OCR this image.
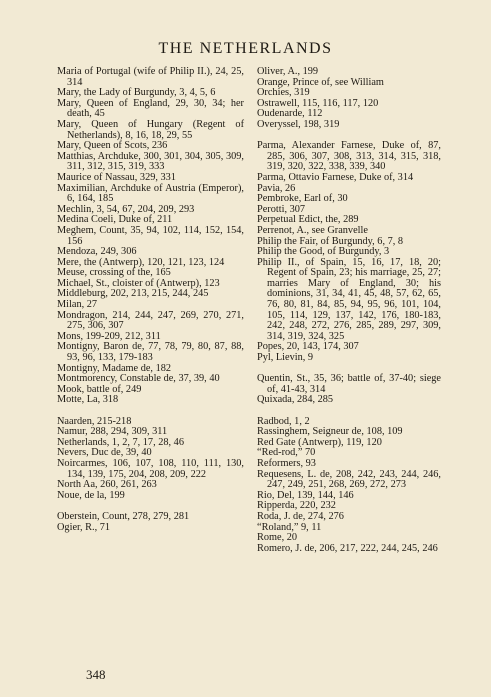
THE NETHERLANDS
Maria of Portugal (wife of Philip II.), 24, 25, 314
Mary, the Lady of Burgundy, 3, 4, 5, 6
Mary, Queen of England, 29, 30, 34; her death, 45
Mary, Queen of Hungary (Regent of Netherlands), 8, 16, 18, 29, 55
Mary, Queen of Scots, 236
Matthias, Archduke, 300, 301, 304, 305, 309, 311, 312, 315, 319, 333
Maurice of Nassau, 329, 331
Maximilian, Archduke of Austria (Emperor), 6, 164, 185
Mechlin, 3, 54, 67, 204, 209, 293
Medina Coeli, Duke of, 211
Meghem, Count, 35, 94, 102, 114, 152, 154, 156
Mendoza, 249, 306
Mere, the (Antwerp), 120, 121, 123, 124
Meuse, crossing of the, 165
Michael, St., cloister of (Antwerp), 123
Middleburg, 202, 213, 215, 244, 245
Milan, 27
Mondragon, 214, 244, 247, 269, 270, 271, 275, 306, 307
Mons, 199-209, 212, 311
Montigny, Baron de, 77, 78, 79, 80, 87, 88, 93, 96, 133, 179-183
Montigny, Madame de, 182
Montmorency, Constable de, 37, 39, 40
Mook, battle of, 249
Motte, La, 318
Naarden, 215-218
Namur, 288, 294, 309, 311
Netherlands, 1, 2, 7, 17, 28, 46
Nevers, Duc de, 39, 40
Noircarmes, 106, 107, 108, 110, 111, 130, 134, 139, 175, 204, 208, 209, 222
North Aa, 260, 261, 263
Noue, de la, 199
Oberstein, Count, 278, 279, 281
Ogier, R., 71
Oliver, A., 199
Orange, Prince of, see William
Orchies, 319
Ostrawell, 115, 116, 117, 120
Oudenarde, 112
Overyssel, 198, 319
Parma, Alexander Farnese, Duke of, 87, 285, 306, 307, 308, 313, 314, 315, 318, 319, 320, 322, 338, 339, 340
Parma, Ottavio Farnese, Duke of, 314
Pavia, 26
Pembroke, Earl of, 30
Perotti, 307
Perpetual Edict, the, 289
Perrenot, A., see Granvelle
Philip the Fair, of Burgundy, 6, 7, 8
Philip the Good, of Burgundy, 3
Philip II., of Spain, 15, 16, 17, 18, 20; Regent of Spain, 23; his marriage, 25, 27; marries Mary of England, 30; his dominions, 31, 34, 41, 45, 48, 57, 62, 65, 76, 80, 81, 84, 85, 94, 95, 96, 101, 104, 105, 114, 129, 137, 142, 176, 180-183, 242, 248, 272, 276, 285, 289, 297, 309, 314, 319, 324, 325
Popes, 20, 143, 174, 307
Pyl, Lievin, 9
Quentin, St., 35, 36; battle of, 37-40; siege of, 41-43, 314
Quixada, 284, 285
Radbod, 1, 2
Rassinghem, Seigneur de, 108, 109
Red Gate (Antwerp), 119, 120
“Red-rod,” 70
Reformers, 93
Requesens, L. de, 208, 242, 243, 244, 246, 247, 249, 251, 268, 269, 272, 273
Rio, Del, 139, 144, 146
Ripperda, 220, 232
Roda, J. de, 274, 276
“Roland,” 9, 11
Rome, 20
Romero, J. de, 206, 217, 222, 244, 245, 246
348
